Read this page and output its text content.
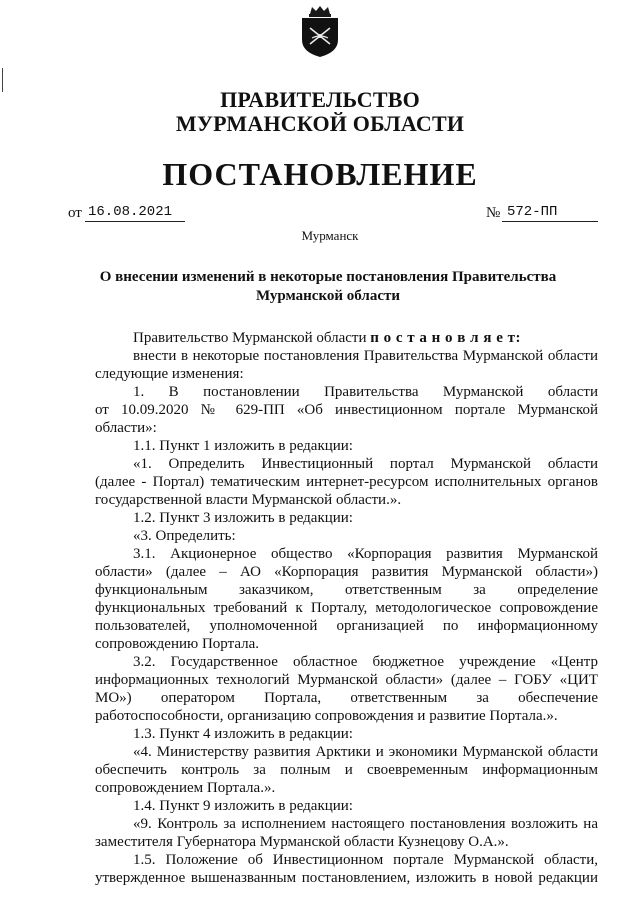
ПРАВИТЕЛЬСТВО
МУРМАНСКОЙ ОБЛАСТИ
ПОСТАНОВЛЕНИЕ
от 16.08.2021	№ 572-ПП
Мурманск
О внесении изменений в некоторые постановления Правительства
Мурманской области
Правительство Мурманской области п о с т а н о в л я е т:
внести в некоторые постановления Правительства Мурманской области
следующие изменения:
1. В постановлении Правительства Мурманской области
от 10.09.2020 № 629-ПП «Об инвестиционном портале Мурманской
области»:
1.1. Пункт 1 изложить в редакции:
«1. Определить Инвестиционный портал Мурманской области
(далее - Портал) тематическим интернет-ресурсом исполнительных органов
государственной власти Мурманской области.».
1.2. Пункт 3 изложить в редакции:
«3. Определить:
3.1. Акционерное общество «Корпорация развития Мурманской
области» (далее – АО «Корпорация развития Мурманской области»)
функциональным заказчиком, ответственным за определение
функциональных требований к Порталу, методологическое сопровождение
пользователей, уполномоченной организацией по информационному
сопровождению Портала.
3.2. Государственное областное бюджетное учреждение «Центр
информационных технологий Мурманской области» (далее – ГОБУ «ЦИТ
МО») оператором Портала, ответственным за обеспечение
работоспособности, организацию сопровождения и развитие Портала.».
1.3. Пункт 4 изложить в редакции:
«4. Министерству развития Арктики и экономики Мурманской области
обеспечить контроль за полным и своевременным информационным
сопровождением Портала.».
1.4. Пункт 9 изложить в редакции:
«9. Контроль за исполнением настоящего постановления возложить на
заместителя Губернатора Мурманской области Кузнецову О.А.».
1.5. Положение об Инвестиционном портале Мурманской области,
утвержденное вышеназванным постановлением, изложить в новой редакции
